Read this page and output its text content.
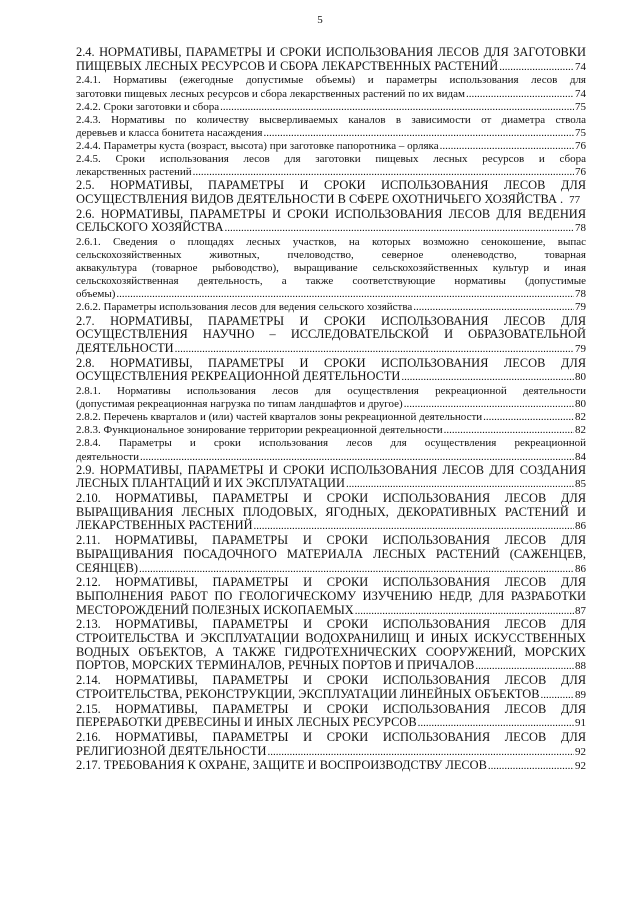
5
2.4. НОРМАТИВЫ, ПАРАМЕТРЫ И СРОКИ ИСПОЛЬЗОВАНИЯ ЛЕСОВ ДЛЯ ЗАГОТОВКИ
ПИЩЕВЫХ ЛЕСНЫХ РЕСУРСОВ И СБОРА ЛЕКАРСТВЕННЫХ РАСТЕНИЙ .....	74
2.4.1. Нормативы (ежегодные допустимые объемы) и параметры использования лесов для
заготовки пищевых лесных ресурсов и сбора лекарственных растений по их видам .....	74
2.4.2. Сроки заготовки и сбора .....	75
2.4.3. Нормативы по количеству высверливаемых каналов в зависимости от диаметра ствола
деревьев и класса бонитета насаждения .....	75
2.4.4. Параметры куста (возраст, высота) при заготовке папоротника – орляка .....	76
2.4.5. Сроки использования лесов для заготовки пищевых лесных ресурсов и сбора
лекарственных растений .....	76
2.5. НОРМАТИВЫ, ПАРАМЕТРЫ И СРОКИ ИСПОЛЬЗОВАНИЯ ЛЕСОВ ДЛЯ
ОСУЩЕСТВЛЕНИЯ ВИДОВ ДЕЯТЕЛЬНОСТИ В СФЕРЕ ОХОТНИЧЬЕГО ХОЗЯЙСТВА . 77
2.6. НОРМАТИВЫ, ПАРАМЕТРЫ И СРОКИ ИСПОЛЬЗОВАНИЯ ЛЕСОВ ДЛЯ ВЕДЕНИЯ
СЕЛЬСКОГО ХОЗЯЙСТВА .....	78
2.6.1. Сведения о площадях лесных участков, на которых возможно сенокошение, выпас
сельскохозяйственных животных, пчеловодство, северное оленеводство, товарная
аквакультура (товарное рыбоводство), выращивание сельскохозяйственных культур и иная
сельскохозяйственная деятельность, а также соответствующие нормативы (допустимые
объемы) .....	78
2.6.2. Параметры использования лесов для ведения сельского хозяйства .....	79
2.7. НОРМАТИВЫ, ПАРАМЕТРЫ И СРОКИ ИСПОЛЬЗОВАНИЯ ЛЕСОВ ДЛЯ
ОСУЩЕСТВЛЕНИЯ НАУЧНО – ИССЛЕДОВАТЕЛЬСКОЙ И ОБРАЗОВАТЕЛЬНОЙ
ДЕЯТЕЛЬНОСТИ .....	79
2.8. НОРМАТИВЫ, ПАРАМЕТРЫ И СРОКИ ИСПОЛЬЗОВАНИЯ ЛЕСОВ ДЛЯ
ОСУЩЕСТВЛЕНИЯ РЕКРЕАЦИОННОЙ ДЕЯТЕЛЬНОСТИ .....	80
2.8.1. Нормативы использования лесов для осуществления рекреационной деятельности
(допустимая рекреационная нагрузка по типам ландшафтов и другое) .....	80
2.8.2. Перечень кварталов и (или) частей кварталов зоны рекреационной деятельности .....	82
2.8.3. Функциональное зонирование территории рекреационной деятельности .....	82
2.8.4. Параметры и сроки использования лесов для осуществления рекреационной
деятельности .....	84
2.9. НОРМАТИВЫ, ПАРАМЕТРЫ И СРОКИ ИСПОЛЬЗОВАНИЯ ЛЕСОВ ДЛЯ СОЗДАНИЯ
ЛЕСНЫХ ПЛАНТАЦИЙ И ИХ ЭКСПЛУАТАЦИИ .....	85
2.10. НОРМАТИВЫ, ПАРАМЕТРЫ И СРОКИ ИСПОЛЬЗОВАНИЯ ЛЕСОВ ДЛЯ
ВЫРАЩИВАНИЯ ЛЕСНЫХ ПЛОДОВЫХ, ЯГОДНЫХ, ДЕКОРАТИВНЫХ РАСТЕНИЙ И
ЛЕКАРСТВЕННЫХ РАСТЕНИЙ .....	86
2.11. НОРМАТИВЫ, ПАРАМЕТРЫ И СРОКИ ИСПОЛЬЗОВАНИЯ ЛЕСОВ ДЛЯ
ВЫРАЩИВАНИЯ ПОСАДОЧНОГО МАТЕРИАЛА ЛЕСНЫХ РАСТЕНИЙ (САЖЕНЦЕВ,
СЕЯНЦЕВ) .....	86
2.12. НОРМАТИВЫ, ПАРАМЕТРЫ И СРОКИ ИСПОЛЬЗОВАНИЯ ЛЕСОВ ДЛЯ
ВЫПОЛНЕНИЯ РАБОТ ПО ГЕОЛОГИЧЕСКОМУ ИЗУЧЕНИЮ НЕДР, ДЛЯ РАЗРАБОТКИ
МЕСТОРОЖДЕНИЙ ПОЛЕЗНЫХ ИСКОПАЕМЫХ .....	87
2.13. НОРМАТИВЫ, ПАРАМЕТРЫ И СРОКИ ИСПОЛЬЗОВАНИЯ ЛЕСОВ ДЛЯ
СТРОИТЕЛЬСТВА И ЭКСПЛУАТАЦИИ ВОДОХРАНИЛИЩ И ИНЫХ ИСКУССТВЕННЫХ
ВОДНЫХ ОБЪЕКТОВ, А ТАКЖЕ ГИДРОТЕХНИЧЕСКИХ СООРУЖЕНИЙ, МОРСКИХ
ПОРТОВ, МОРСКИХ ТЕРМИНАЛОВ, РЕЧНЫХ ПОРТОВ И ПРИЧАЛОВ .....	88
2.14. НОРМАТИВЫ, ПАРАМЕТРЫ И СРОКИ ИСПОЛЬЗОВАНИЯ ЛЕСОВ ДЛЯ
СТРОИТЕЛЬСТВА, РЕКОНСТРУКЦИИ, ЭКСПЛУАТАЦИИ ЛИНЕЙНЫХ ОБЪЕКТОВ .....	89
2.15. НОРМАТИВЫ, ПАРАМЕТРЫ И СРОКИ ИСПОЛЬЗОВАНИЯ ЛЕСОВ ДЛЯ
ПЕРЕРАБОТКИ ДРЕВЕСИНЫ И ИНЫХ ЛЕСНЫХ РЕСУРСОВ .....	91
2.16. НОРМАТИВЫ, ПАРАМЕТРЫ И СРОКИ ИСПОЛЬЗОВАНИЯ ЛЕСОВ ДЛЯ
РЕЛИГИОЗНОЙ ДЕЯТЕЛЬНОСТИ .....	92
2.17. ТРЕБОВАНИЯ К ОХРАНЕ, ЗАЩИТЕ И ВОСПРОИЗВОДСТВУ ЛЕСОВ .....	92
